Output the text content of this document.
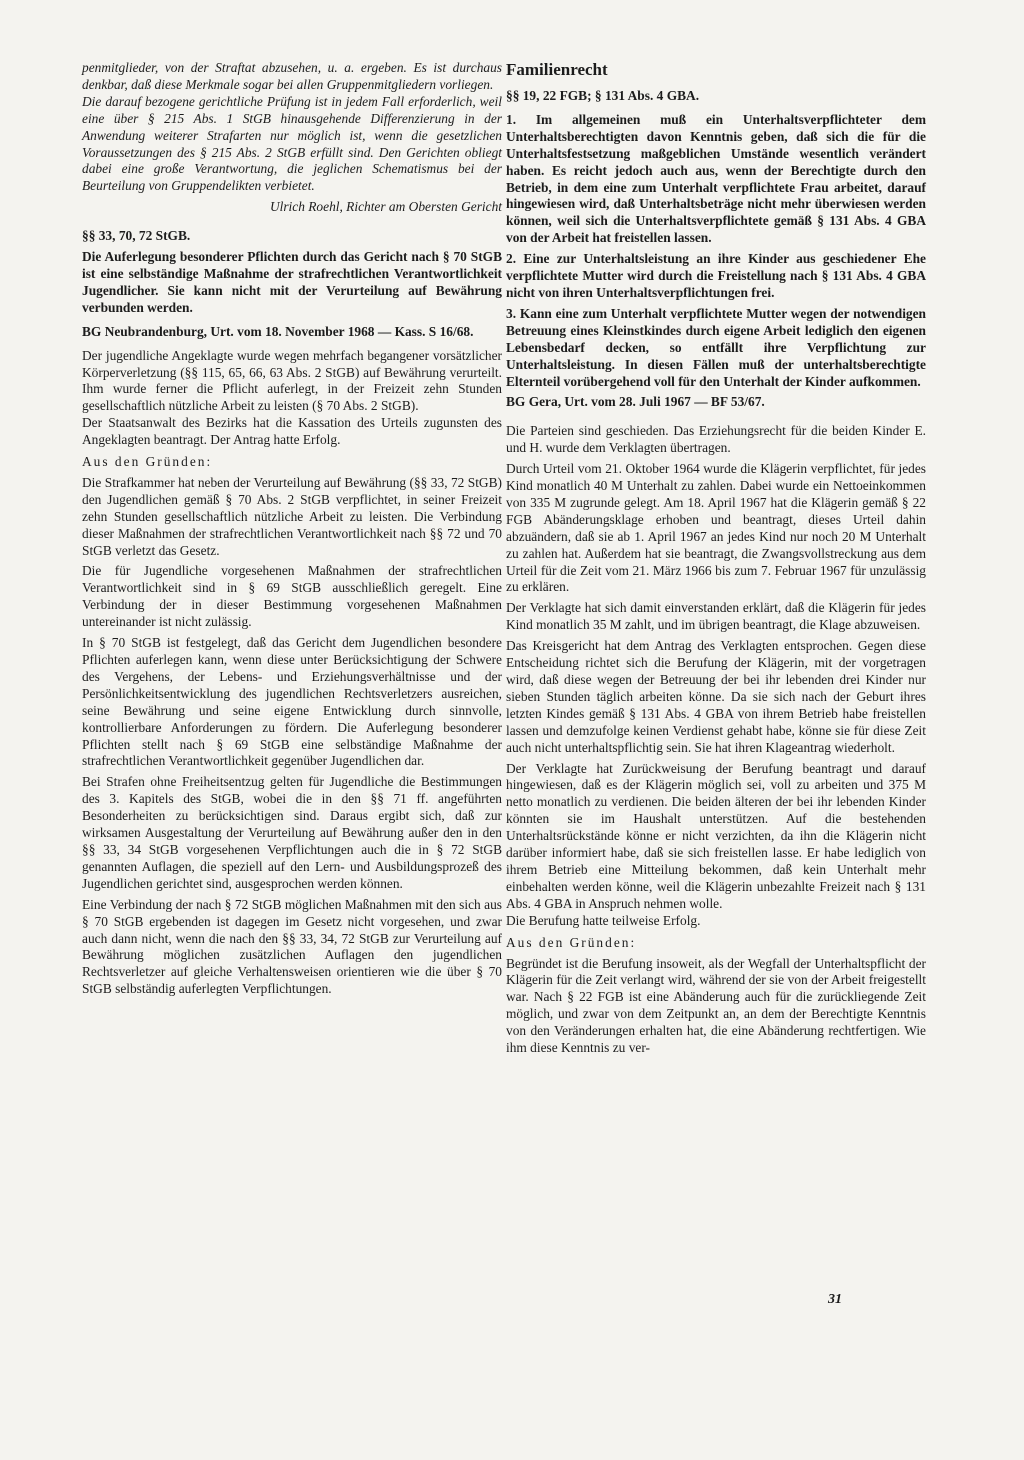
penmitglieder, von der Straftat abzusehen, u. a. ergeben. Es ist durchaus denkbar, daß diese Merkmale sogar bei allen Gruppenmitgliedern vorliegen.

Die darauf bezogene gerichtliche Prüfung ist in jedem Fall erforderlich, weil eine über § 215 Abs. 1 StGB hinausgehende Differenzierung in der Anwendung weiterer Strafarten nur möglich ist, wenn die gesetzlichen Voraussetzungen des § 215 Abs. 2 StGB erfüllt sind. Den Gerichten obliegt dabei eine große Verantwortung, die jeglichen Schematismus bei der Beurteilung von Gruppendelikten verbietet.

Ulrich Roehl, Richter am Obersten Gericht

§§ 33, 70, 72 StGB.

Die Auferlegung besonderer Pflichten durch das Gericht nach § 70 StGB ist eine selbständige Maßnahme der strafrechtlichen Verantwortlichkeit Jugendlicher. Sie kann nicht mit der Verurteilung auf Bewährung verbunden werden.

BG Neubrandenburg, Urt. vom 18. November 1968 — Kass. S 16/68.

Der jugendliche Angeklagte wurde wegen mehrfach begangener vorsätzlicher Körperverletzung (§§ 115, 65, 66, 63 Abs. 2 StGB) auf Bewährung verurteilt. Ihm wurde ferner die Pflicht auferlegt, in der Freizeit zehn Stunden gesellschaftlich nützliche Arbeit zu leisten (§ 70 Abs. 2 StGB).

Der Staatsanwalt des Bezirks hat die Kassation des Urteils zugunsten des Angeklagten beantragt. Der Antrag hatte Erfolg.

Aus den Gründen:

Die Strafkammer hat neben der Verurteilung auf Bewährung (§§ 33, 72 StGB) den Jugendlichen gemäß § 70 Abs. 2 StGB verpflichtet, in seiner Freizeit zehn Stunden gesellschaftlich nützliche Arbeit zu leisten. Die Verbindung dieser Maßnahmen der strafrechtlichen Verantwortlichkeit nach §§ 72 und 70 StGB verletzt das Gesetz.

Die für Jugendliche vorgesehenen Maßnahmen der strafrechtlichen Verantwortlichkeit sind in § 69 StGB ausschließlich geregelt. Eine Verbindung der in dieser Bestimmung vorgesehenen Maßnahmen untereinander ist nicht zulässig.

In § 70 StGB ist festgelegt, daß das Gericht dem Jugendlichen besondere Pflichten auferlegen kann, wenn diese unter Berücksichtigung der Schwere des Vergehens, der Lebens- und Erziehungsverhältnisse und der Persönlichkeitsentwicklung des jugendlichen Rechtsverletzers ausreichen, seine Bewährung und seine eigene Entwicklung durch sinnvolle, kontrollierbare Anforderungen zu fördern. Die Auferlegung besonderer Pflichten stellt nach § 69 StGB eine selbständige Maßnahme der strafrechtlichen Verantwortlichkeit gegenüber Jugendlichen dar.

Bei Strafen ohne Freiheitsentzug gelten für Jugendliche die Bestimmungen des 3. Kapitels des StGB, wobei die in den §§ 71 ff. angeführten Besonderheiten zu berücksichtigen sind. Daraus ergibt sich, daß zur wirksamen Ausgestaltung der Verurteilung auf Bewährung außer den in den §§ 33, 34 StGB vorgesehenen Verpflichtungen auch die in § 72 StGB genannten Auflagen, die speziell auf den Lern- und Ausbildungsprozeß des Jugendlichen gerichtet sind, ausgesprochen werden können.

Eine Verbindung der nach § 72 StGB möglichen Maßnahmen mit den sich aus § 70 StGB ergebenden ist dagegen im Gesetz nicht vorgesehen, und zwar auch dann nicht, wenn die nach den §§ 33, 34, 72 StGB zur Verurteilung auf Bewährung möglichen zusätzlichen Auflagen den jugendlichen Rechtsverletzer auf gleiche Verhaltensweisen orientieren wie die über § 70 StGB selbständig auferlegten Verpflichtungen.

Familienrecht

§§ 19, 22 FGB; § 131 Abs. 4 GBA.

1. Im allgemeinen muß ein Unterhaltsverpflichteter dem Unterhaltsberechtigten davon Kenntnis geben, daß sich die für die Unterhaltsfestsetzung maßgeblichen Umstände wesentlich verändert haben. Es reicht jedoch auch aus, wenn der Berechtigte durch den Betrieb, in dem eine zum Unterhalt verpflichtete Frau arbeitet, darauf hingewiesen wird, daß Unterhaltsbeträge nicht mehr überwiesen werden können, weil sich die Unterhaltsverpflichtete gemäß § 131 Abs. 4 GBA von der Arbeit hat freistellen lassen.

2. Eine zur Unterhaltsleistung an ihre Kinder aus geschiedener Ehe verpflichtete Mutter wird durch die Freistellung nach § 131 Abs. 4 GBA nicht von ihren Unterhaltsverpflichtungen frei.

3. Kann eine zum Unterhalt verpflichtete Mutter wegen der notwendigen Betreuung eines Kleinstkindes durch eigene Arbeit lediglich den eigenen Lebensbedarf decken, so entfällt ihre Verpflichtung zur Unterhaltsleistung. In diesen Fällen muß der unterhaltsberechtigte Elternteil vorübergehend voll für den Unterhalt der Kinder aufkommen.

BG Gera, Urt. vom 28. Juli 1967 — BF 53/67.

Die Parteien sind geschieden. Das Erziehungsrecht für die beiden Kinder E. und H. wurde dem Verklagten übertragen.

Durch Urteil vom 21. Oktober 1964 wurde die Klägerin verpflichtet, für jedes Kind monatlich 40 M Unterhalt zu zahlen. Dabei wurde ein Nettoeinkommen von 335 M zugrunde gelegt. Am 18. April 1967 hat die Klägerin gemäß § 22 FGB Abänderungsklage erhoben und beantragt, dieses Urteil dahin abzuändern, daß sie ab 1. April 1967 an jedes Kind nur noch 20 M Unterhalt zu zahlen hat. Außerdem hat sie beantragt, die Zwangsvollstreckung aus dem Urteil für die Zeit vom 21. März 1966 bis zum 7. Februar 1967 für unzulässig zu erklären.

Der Verklagte hat sich damit einverstanden erklärt, daß die Klägerin für jedes Kind monatlich 35 M zahlt, und im übrigen beantragt, die Klage abzuweisen.

Das Kreisgericht hat dem Antrag des Verklagten entsprochen. Gegen diese Entscheidung richtet sich die Berufung der Klägerin, mit der vorgetragen wird, daß diese wegen der Betreuung der bei ihr lebenden drei Kinder nur sieben Stunden täglich arbeiten könne. Da sie sich nach der Geburt ihres letzten Kindes gemäß § 131 Abs. 4 GBA von ihrem Betrieb habe freistellen lassen und demzufolge keinen Verdienst gehabt habe, könne sie für diese Zeit auch nicht unterhaltspflichtig sein. Sie hat ihren Klageantrag wiederholt.

Der Verklagte hat Zurückweisung der Berufung beantragt und darauf hingewiesen, daß es der Klägerin möglich sei, voll zu arbeiten und 375 M netto monatlich zu verdienen. Die beiden älteren der bei ihr lebenden Kinder könnten sie im Haushalt unterstützen. Auf die bestehenden Unterhaltsrückstände könne er nicht verzichten, da ihn die Klägerin nicht darüber informiert habe, daß sie sich freistellen lasse. Er habe lediglich von ihrem Betrieb eine Mitteilung bekommen, daß kein Unterhalt mehr einbehalten werden könne, weil die Klägerin unbezahlte Freizeit nach § 131 Abs. 4 GBA in Anspruch nehmen wolle.

Die Berufung hatte teilweise Erfolg.

Aus den Gründen:

Begründet ist die Berufung insoweit, als der Wegfall der Unterhaltspflicht der Klägerin für die Zeit verlangt wird, während der sie von der Arbeit freigestellt war. Nach § 22 FGB ist eine Abänderung auch für die zurückliegende Zeit möglich, und zwar von dem Zeitpunkt an, an dem der Berechtigte Kenntnis von den Veränderungen erhalten hat, die eine Abänderung rechtfertigen. Wie ihm diese Kenntnis zu ver-

31
